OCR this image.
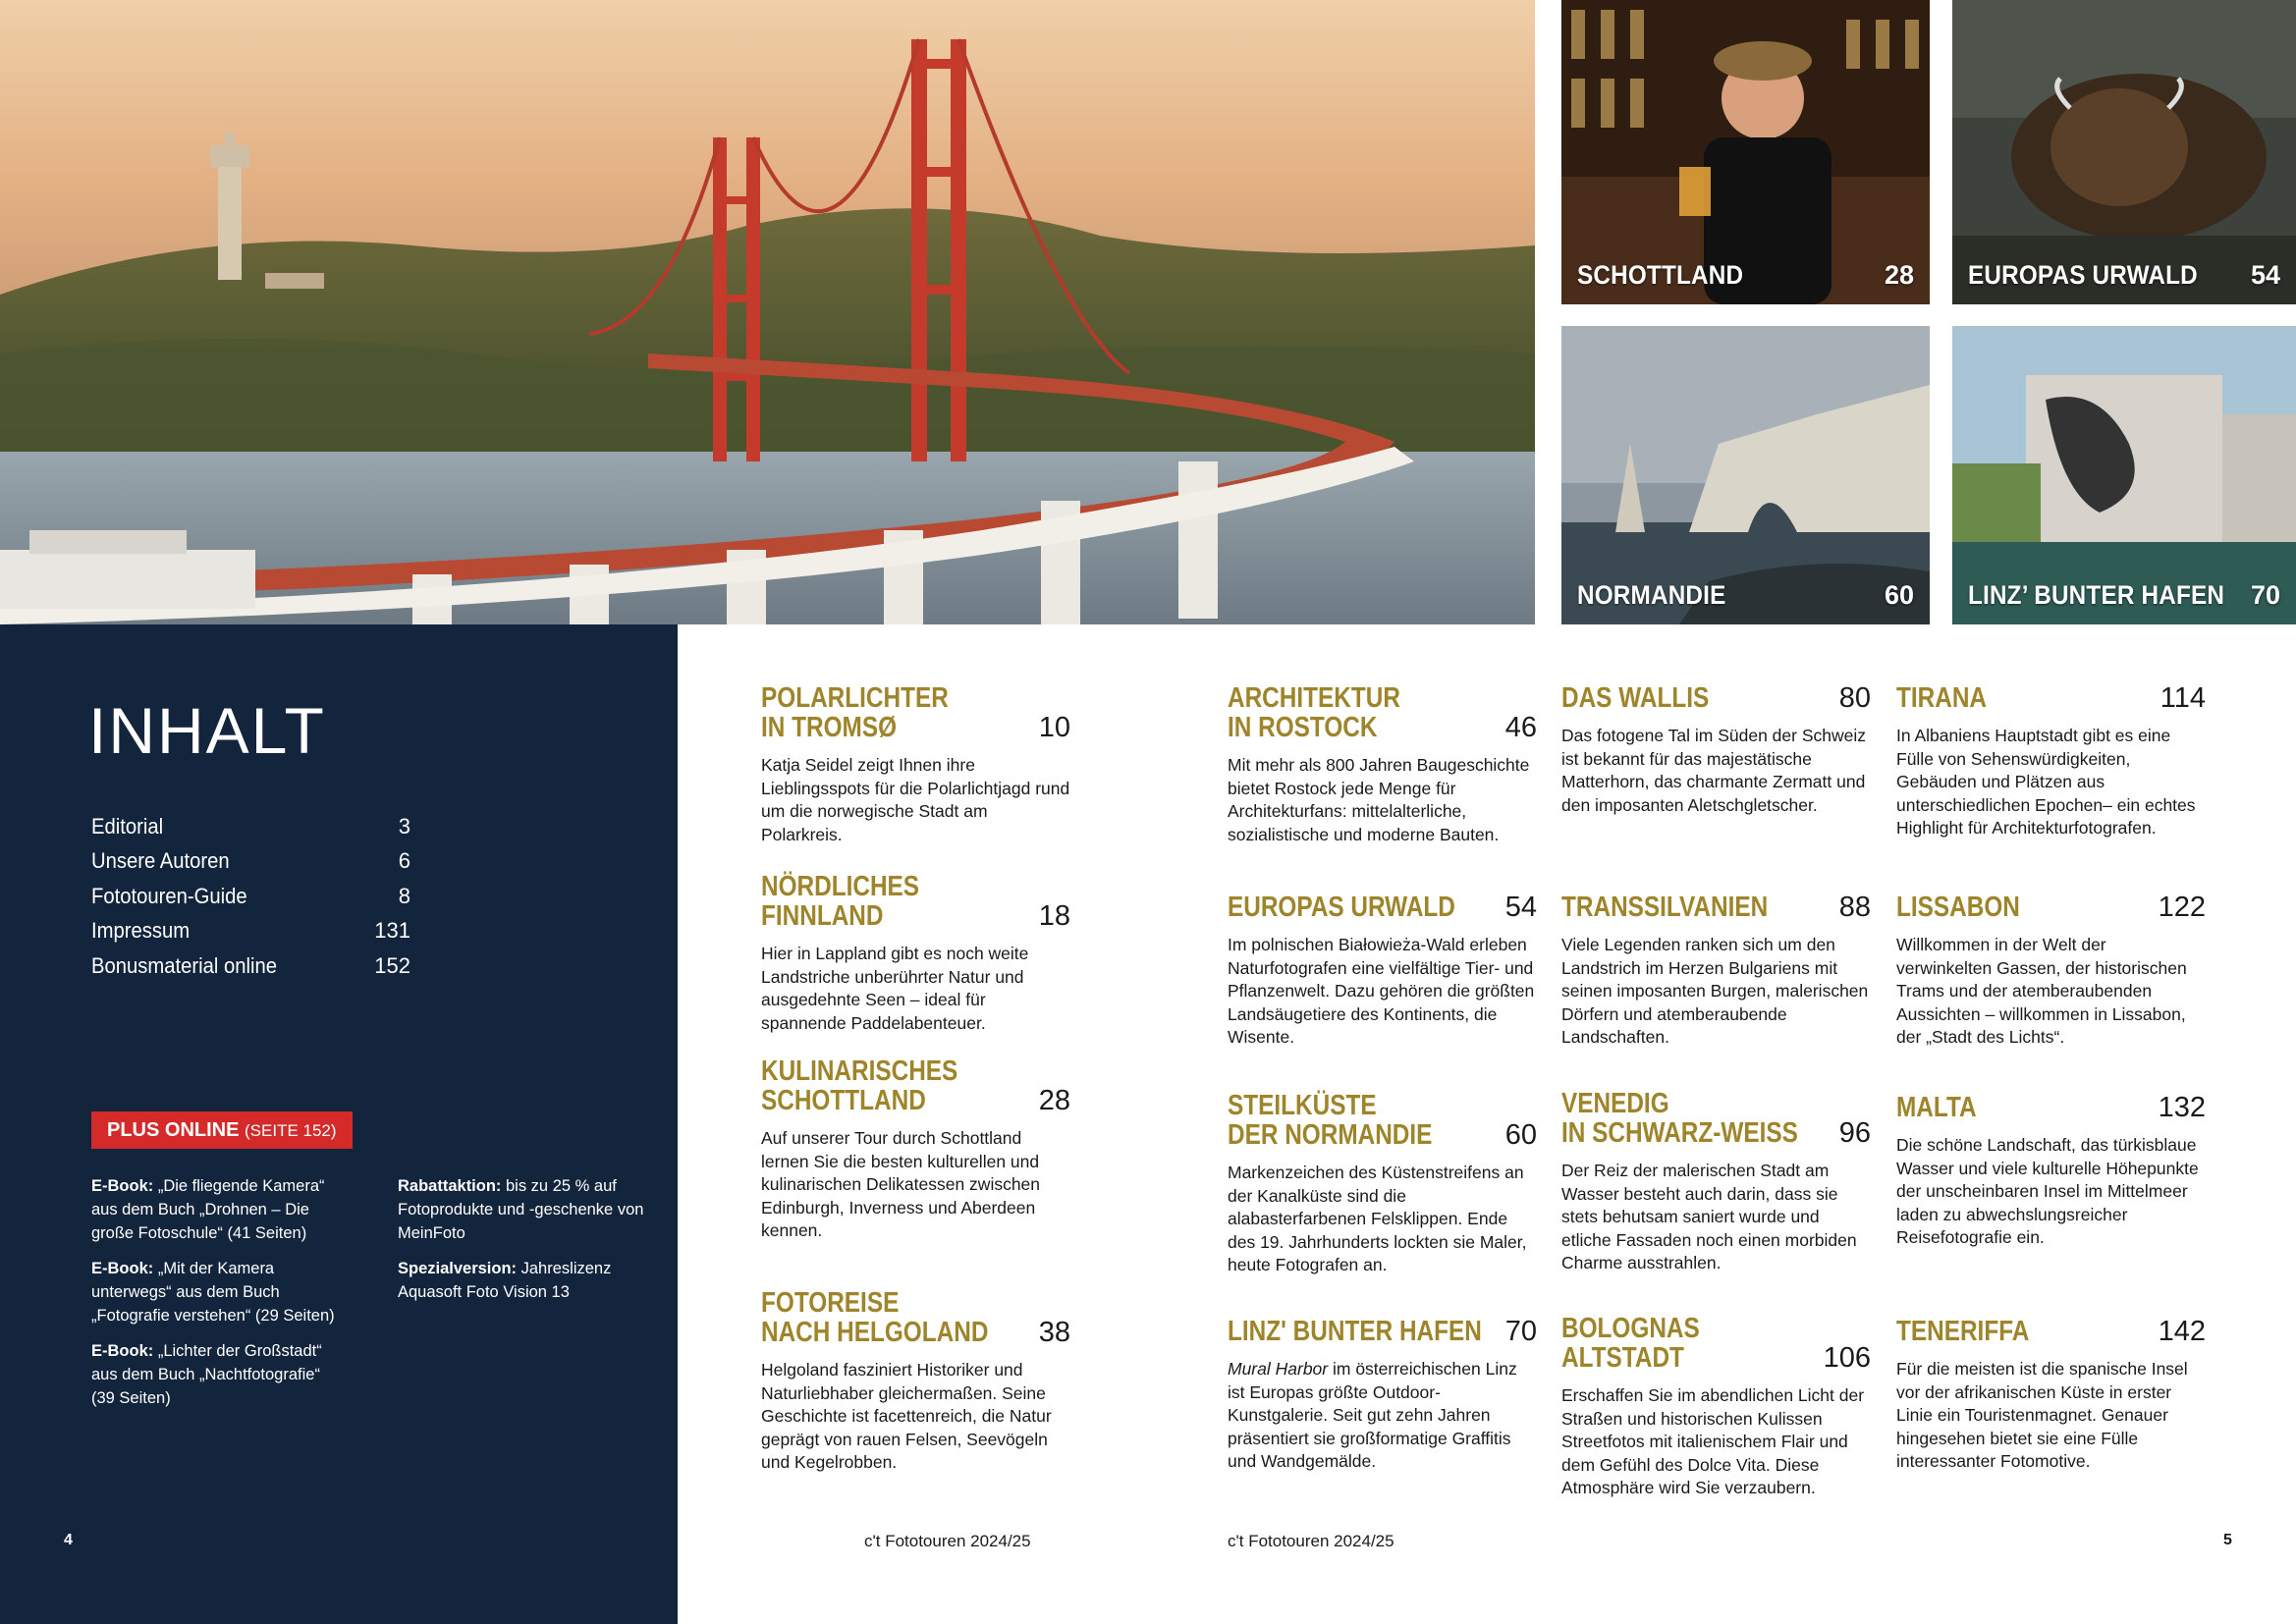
SCHOTTLAND	28 EUROPAS URWALD 54
NORMANDIE	60 LINZ’ BUNTER HAFEN 70
INHALT
Editorial	3
Unsere Autoren	6
Fototouren-Guide	8
Impressum	131
Bonusmaterial online	152
PLUS ONLINE (SEITE 152)

E-Book: „Die fliegende Kamera“ aus dem Buch „Drohnen – Die große Fotoschule“ (41 Seiten)

E-Book: „Mit der Kamera unterwegs“ aus dem Buch „Fotografie verstehen“ (29 Seiten)

E-Book: „Lichter der Großstadt“ aus dem Buch „Nachtfotografie“ (39 Seiten)

Rabattaktion: bis zu 25 % auf Fotoprodukte und -geschenke von MeinFoto

Spezialversion: Jahreslizenz Aquasoft Foto Vision 13

4
POLARLICHTER
IN TROMSØ	10
Katja Seidel zeigt Ihnen ihre Lieblingsspots für die Polarlichtjagd rund um die norwegische Stadt am Polarkreis.
NÖRDLICHES FINNLAND	18
Hier in Lappland gibt es noch weite Landstriche unberührter Natur und ausgedehnte Seen – ideal für spannende Paddelabenteuer.
KULINARISCHES
SCHOTTLAND	28
Auf unserer Tour durch Schottland lernen Sie die besten kulturellen und kulinarischen Delikatessen zwischen Edinburgh, Inverness und Aberdeen kennen.
FOTOREISE
NACH HELGOLAND 38
Helgoland fasziniert Historiker und Naturliebhaber gleichermaßen. Seine Geschichte ist facettenreich, die Natur geprägt von rauen Felsen, Seevögeln und Kegelrobben.
ARCHITEKTUR
IN ROSTOCK	46
Mit mehr als 800 Jahren Baugeschichte bietet Rostock jede Menge für Architekturfans: mittelalterliche, sozialistische und moderne Bauten.
EUROPAS URWALD 54
Im polnischen Białowieża-Wald erleben Naturfotografen eine vielfältige Tier- und Pflanzenwelt. Dazu gehören die größten Landsäugetiere des Kontinents, die Wisente.
STEILKÜSTE
DER NORMANDIE	60
Markenzeichen des Küstenstreifens an der Kanalküste sind die alabasterfarbenen Felsklippen. Ende des 19. Jahrhunderts lockten sie Maler, heute Fotografen an.
LINZ' BUNTER HAFEN 70
Mural Harbor im österreichischen Linz ist Europas größte Outdoor-Kunstgalerie. Seit gut zehn Jahren präsentiert sie großformatige Graffitis und Wandgemälde.
DAS WALLIS	80
Das fotogene Tal im Süden der Schweiz ist bekannt für das majestätische Matterhorn, das charmante Zermatt und den imposanten Aletschgletscher.
TRANSSILVANIEN 88
Viele Legenden ranken sich um den Landstrich im Herzen Bulgariens mit seinen imposanten Burgen, malerischen Dörfern und atemberaubende Landschaften.
VENEDIG
IN SCHWARZ-WEISS 96
Der Reiz der malerischen Stadt am Wasser besteht auch darin, dass sie stets behutsam saniert wurde und etliche Fassaden noch einen morbiden Charme ausstrahlen.
BOLOGNAS ALTSTADT	106
Erschaffen Sie im abendlichen Licht der Straßen und historischen Kulissen Streetfotos mit italienischem Flair und dem Gefühl des Dolce Vita. Diese Atmosphäre wird Sie verzaubern.
TIRANA	114
In Albaniens Hauptstadt gibt es eine Fülle von Sehenswürdigkeiten, Gebäuden und Plätzen aus unterschiedlichen Epochen– ein echtes Highlight für Architekturfotografen.
LISSABON	122
Willkommen in der Welt der verwinkelten Gassen, der historischen Trams und der atemberaubenden Aussichten – willkommen in Lissabon, der „Stadt des Lichts“.
MALTA	132
Die schöne Landschaft, das türkisblaue Wasser und viele kulturelle Höhepunkte der unscheinbaren Insel im Mittelmeer laden zu abwechslungsreicher Reisefotografie ein.
TENERIFFA	142
Für die meisten ist die spanische Insel vor der afrikanischen Küste in erster Linie ein Touristenmagnet. Genauer hingesehen bietet sie eine Fülle interessanter Fotomotive.
c't Fototouren 2024/25	c't Fototouren 2024/25	5
